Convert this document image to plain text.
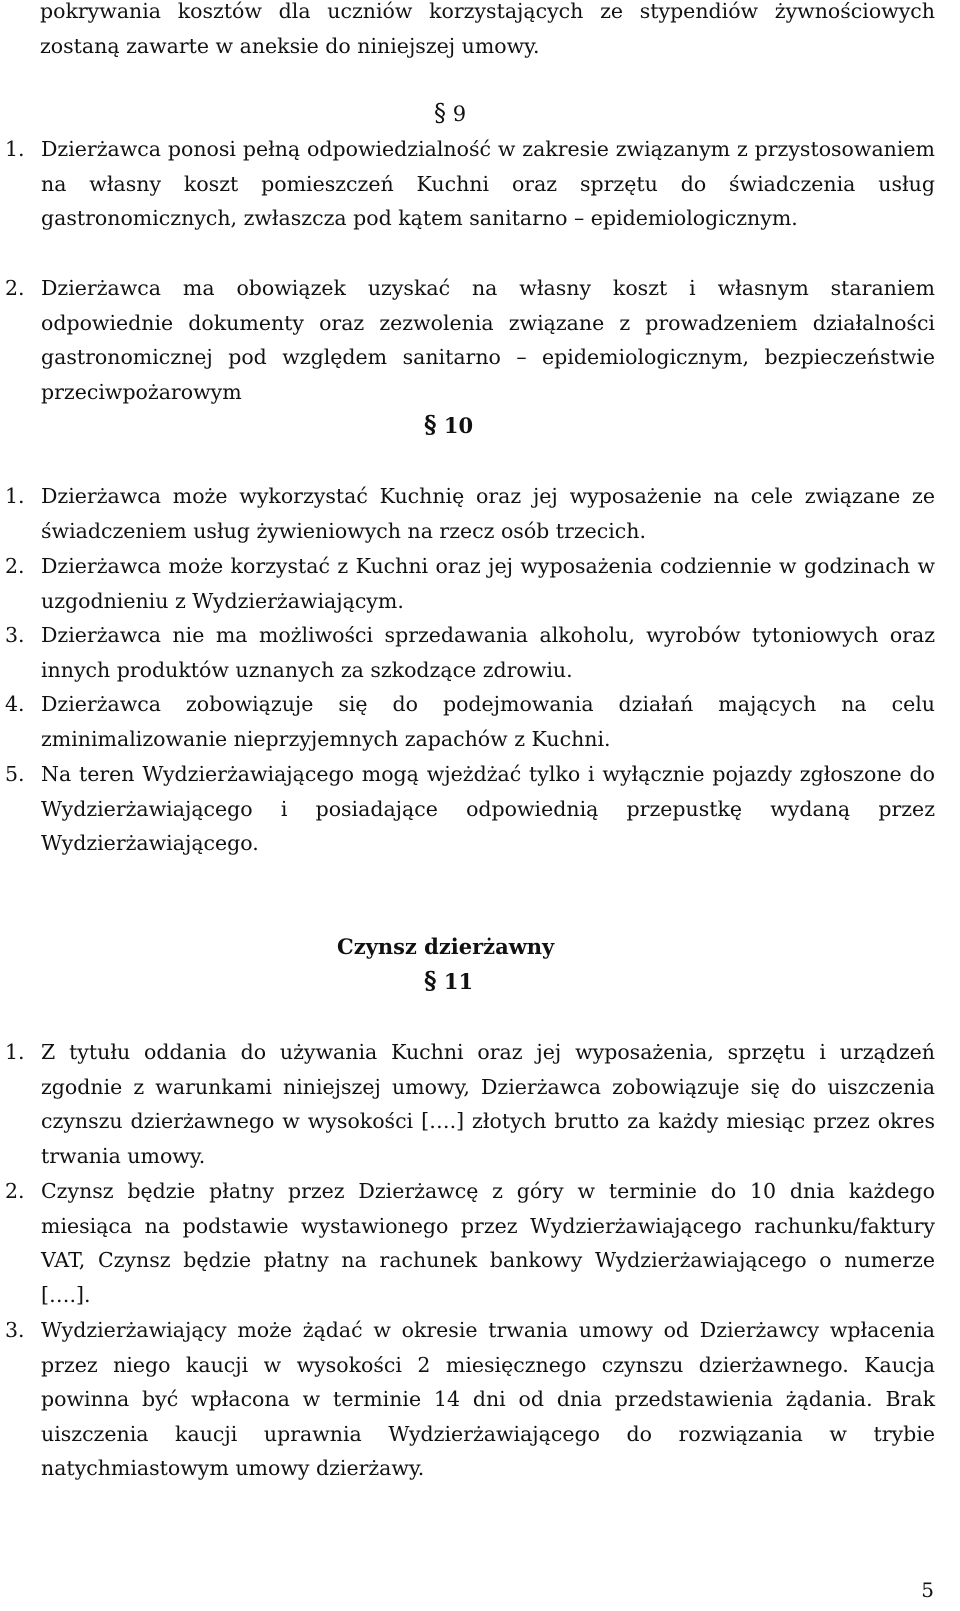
pokrywania kosztów dla uczniów korzystających ze stypendiów żywnościowych zostaną zawarte w aneksie do niniejszej umowy.

§ 9
1. Dzierżawca ponosi pełną odpowiedzialność w zakresie związanym z przystosowaniem na własny koszt pomieszczeń Kuchni oraz sprzętu do świadczenia usług gastronomicznych, zwłaszcza pod kątem sanitarno – epidemiologicznym.
2. Dzierżawca ma obowiązek uzyskać na własny koszt i własnym staraniem odpowiednie dokumenty oraz zezwolenia związane z prowadzeniem działalności gastronomicznej pod względem sanitarno – epidemiologicznym, bezpieczeństwie przeciwpożarowym
§ 10
1. Dzierżawca może wykorzystać Kuchnię oraz jej wyposażenie na cele związane ze świadczeniem usług żywieniowych na rzecz osób trzecich.
2. Dzierżawca może korzystać z Kuchni oraz jej wyposażenia codziennie w godzinach w uzgodnieniu z Wydzierżawiającym.
3. Dzierżawca nie ma możliwości sprzedawania alkoholu, wyrobów tytoniowych oraz innych produktów uznanych za szkodzące zdrowiu.
4. Dzierżawca zobowiązuje się do podejmowania działań mających na celu zminimalizowanie nieprzyjemnych zapachów z Kuchni.
5. Na teren Wydzierżawiającego mogą wjeżdżać tylko i wyłącznie pojazdy zgłoszone do Wydzierżawiającego i posiadające odpowiednią przepustkę wydaną przez Wydzierżawiającego.
Czynsz dzierżawny
§ 11
1. Z tytułu oddania do używania Kuchni oraz jej wyposażenia, sprzętu i urządzeń zgodnie z warunkami niniejszej umowy, Dzierżawca zobowiązuje się do uiszczenia czynszu dzierżawnego w wysokości [….] złotych brutto za każdy miesiąc przez okres trwania umowy.
2. Czynsz będzie płatny przez Dzierżawcę z góry w terminie do 10 dnia każdego miesiąca na podstawie wystawionego przez Wydzierżawiającego rachunku/faktury VAT, Czynsz będzie płatny na rachunek bankowy Wydzierżawiającego o numerze [….].
3. Wydzierżawiający może żądać w okresie trwania umowy od Dzierżawcy wpłacenia przez niego kaucji w wysokości 2 miesięcznego czynszu dzierżawnego. Kaucja powinna być wpłacona w terminie 14 dni od dnia przedstawienia żądania. Brak uiszczenia kaucji uprawnia Wydzierżawiającego do rozwiązania w trybie natychmiastowym umowy dzierżawy.
5
